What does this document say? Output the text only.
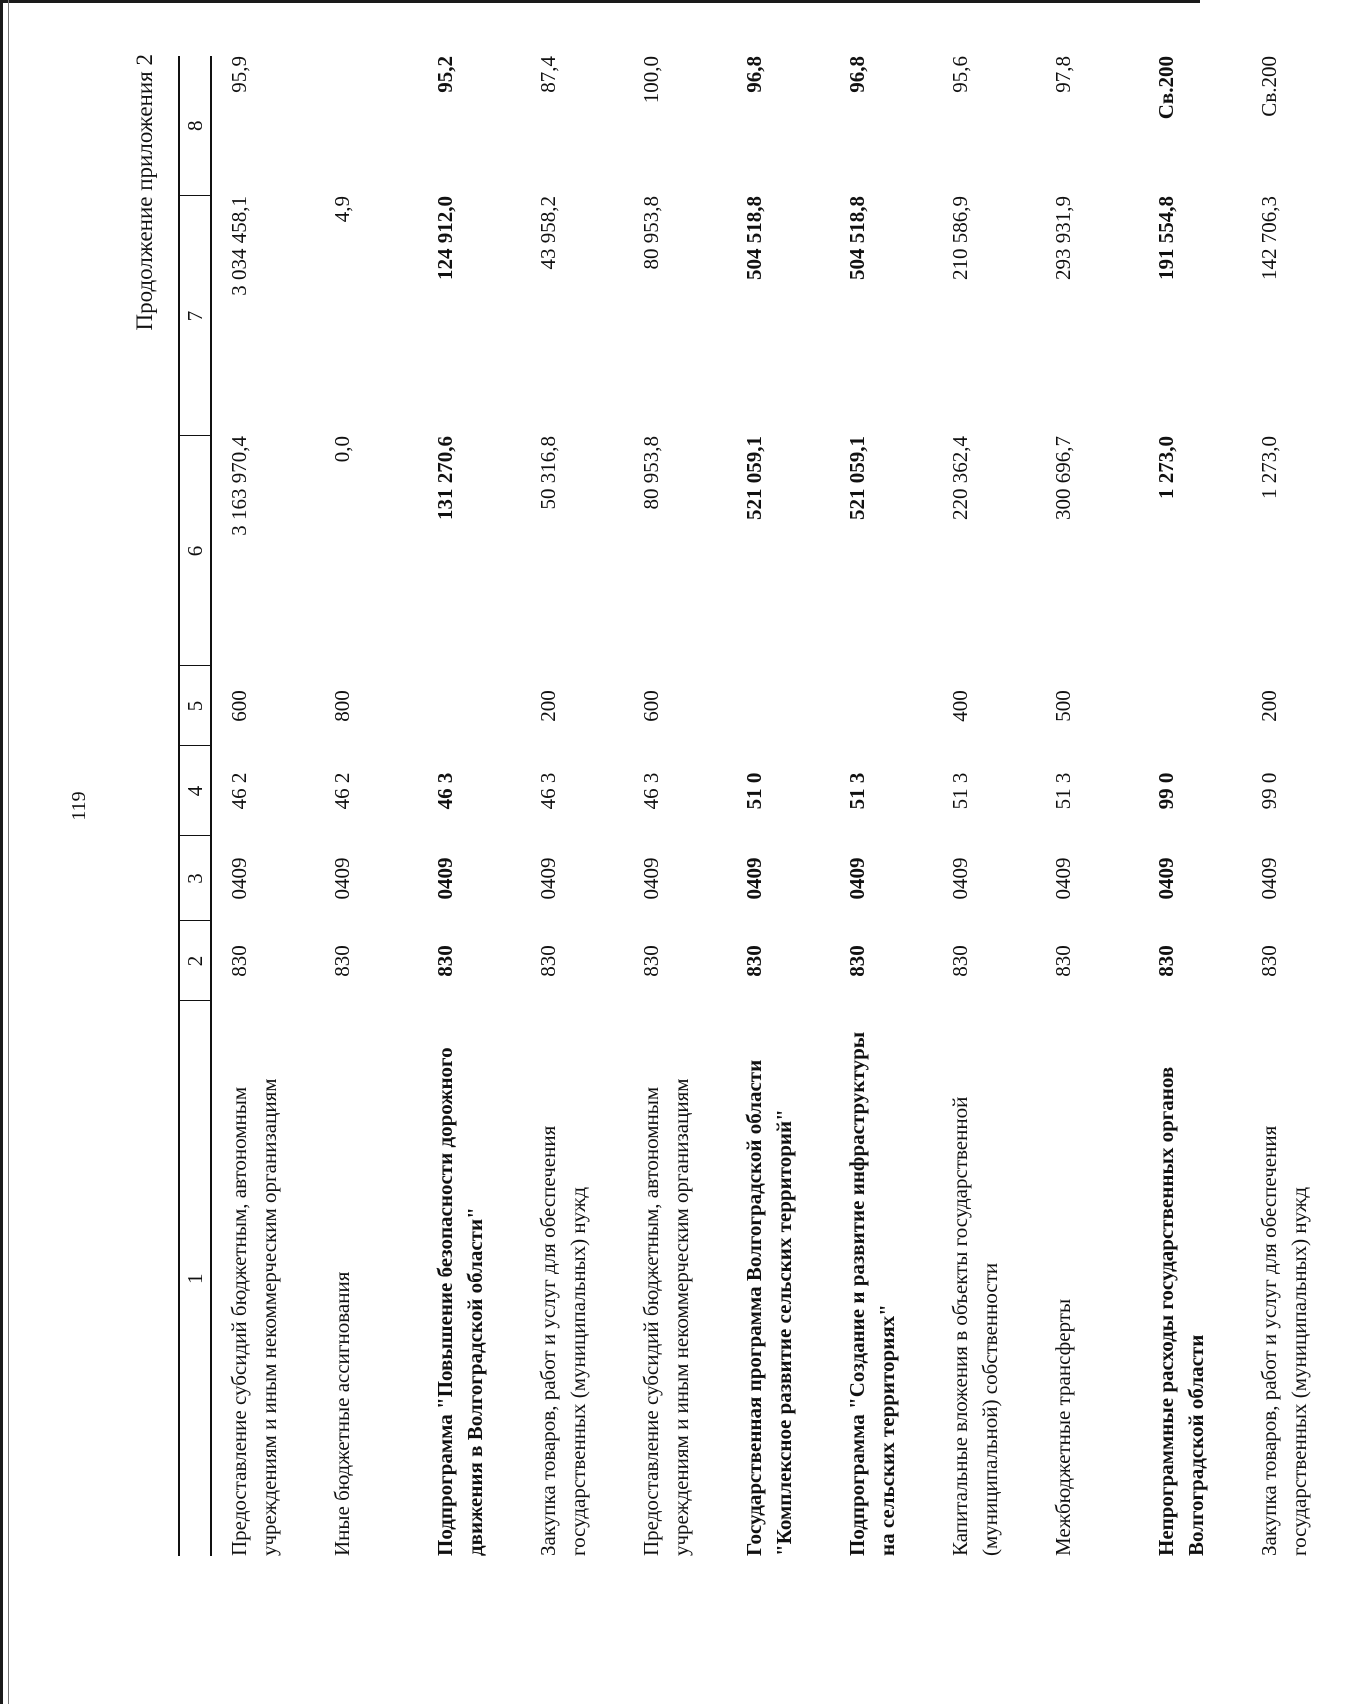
119
Продолжение приложения 2
1	2	3	4	5	6	7	8
Предоставление субсидий бюджетным, автономным учреждениям и иным некоммерческим организациям	830	0409	46 2	600	3 163 970,4	3 034 458,1	95,9
Иные бюджетные ассигнования	830	0409	46 2	800	0,0	4,9	
Подпрограмма "Повышение безопасности дорожного движения в Волгоградской области"	830	0409	46 3		131 270,6	124 912,0	95,2
Закупка товаров, работ и услуг для обеспечения государственных (муниципальных) нужд	830	0409	46 3	200	50 316,8	43 958,2	87,4
Предоставление субсидий бюджетным, автономным учреждениям и иным некоммерческим организациям	830	0409	46 3	600	80 953,8	80 953,8	100,0
Государственная программа Волгоградской области "Комплексное развитие сельских территорий"	830	0409	51 0		521 059,1	504 518,8	96,8
Подпрограмма "Создание и развитие инфраструктуры на сельских территориях"	830	0409	51 3		521 059,1	504 518,8	96,8
Капитальные вложения в объекты государственной (муниципальной) собственности	830	0409	51 3	400	220 362,4	210 586,9	95,6
Межбюджетные трансферты	830	0409	51 3	500	300 696,7	293 931,9	97,8
Непрограммные расходы государственных органов Волгоградской области	830	0409	99 0		1 273,0	191 554,8	Св.200
Закупка товаров, работ и услуг для обеспечения государственных (муниципальных) нужд	830	0409	99 0	200	1 273,0	142 706,3	Св.200
